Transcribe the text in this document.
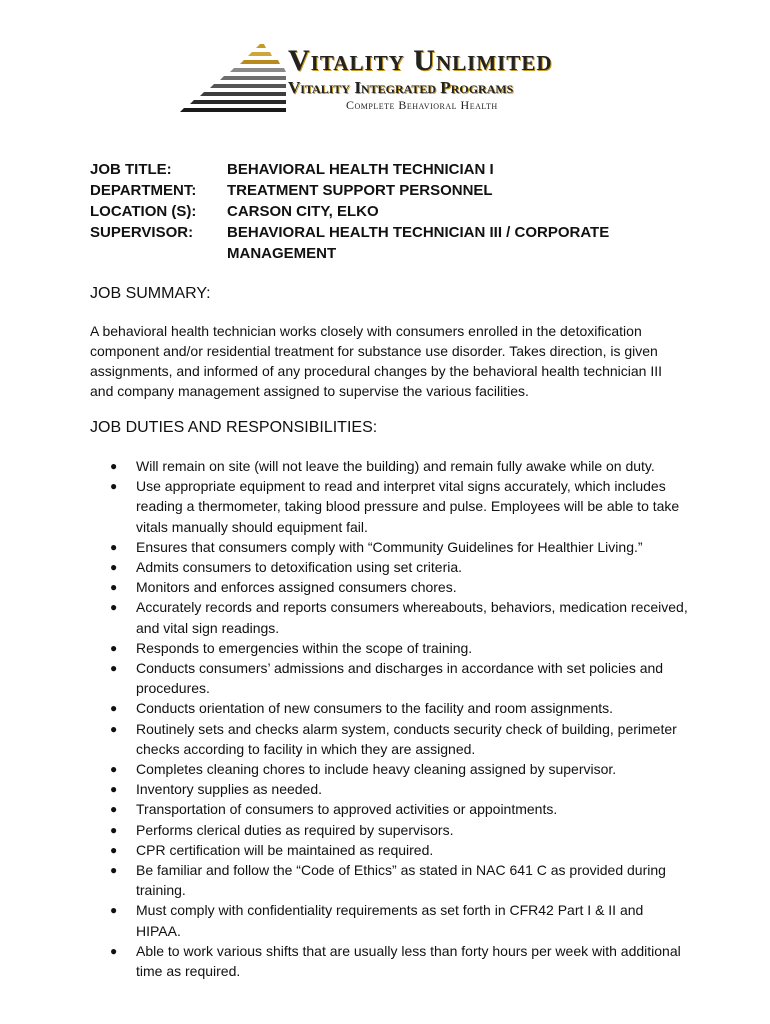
Vitality Unlimited
Vitality Integrated Programs
Complete Behavioral Health
JOB TITLE:	BEHAVIORAL HEALTH TECHNICIAN I
DEPARTMENT:	TREATMENT SUPPORT PERSONNEL
LOCATION (S):	CARSON CITY, ELKO
SUPERVISOR:	BEHAVIORAL HEALTH TECHNICIAN III / CORPORATE MANAGEMENT
JOB SUMMARY:
A behavioral health technician works closely with consumers enrolled in the detoxification component and/or residential treatment for substance use disorder. Takes direction, is given assignments, and informed of any procedural changes by the behavioral health technician III and company management assigned to supervise the various facilities.
JOB DUTIES AND RESPONSIBILITIES:
● Will remain on site (will not leave the building) and remain fully awake while on duty.
● Use appropriate equipment to read and interpret vital signs accurately, which includes reading a thermometer, taking blood pressure and pulse. Employees will be able to take vitals manually should equipment fail.
● Ensures that consumers comply with “Community Guidelines for Healthier Living.”
● Admits consumers to detoxification using set criteria.
● Monitors and enforces assigned consumers chores.
● Accurately records and reports consumers whereabouts, behaviors, medication received, and vital sign readings.
● Responds to emergencies within the scope of training.
● Conducts consumers’ admissions and discharges in accordance with set policies and procedures.
● Conducts orientation of new consumers to the facility and room assignments.
● Routinely sets and checks alarm system, conducts security check of building, perimeter checks according to facility in which they are assigned.
● Completes cleaning chores to include heavy cleaning assigned by supervisor.
● Inventory supplies as needed.
● Transportation of consumers to approved activities or appointments.
● Performs clerical duties as required by supervisors.
● CPR certification will be maintained as required.
● Be familiar and follow the “Code of Ethics” as stated in NAC 641 C as provided during training.
● Must comply with confidentiality requirements as set forth in CFR42 Part I & II and HIPAA.
● Able to work various shifts that are usually less than forty hours per week with additional time as required.
